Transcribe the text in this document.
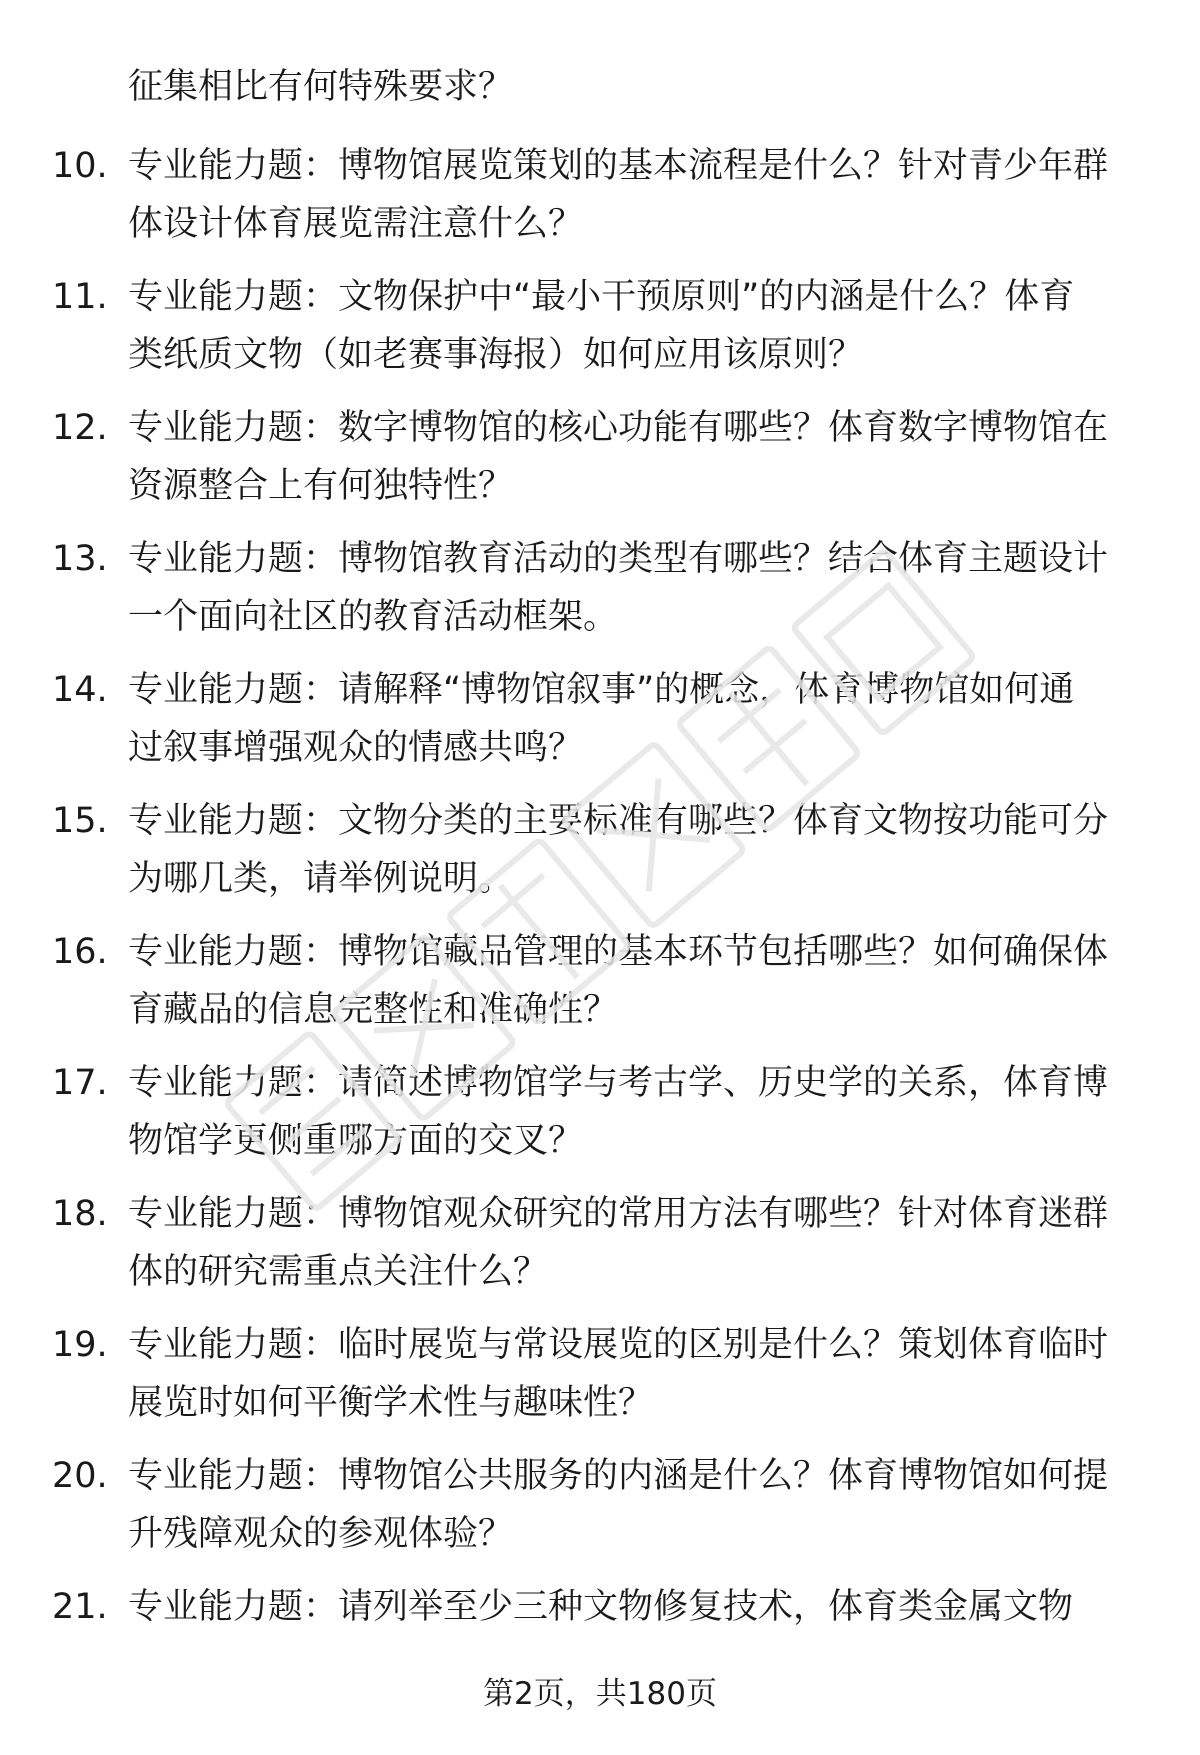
征集相比有何特殊要求？
10. 专业能力题：博物馆展览策划的基本流程是什么？针对青少年群
体设计体育展览需注意什么？
11. 专业能力题：文物保护中“最小干预原则”的内涵是什么？体育
类纸质文物（如老赛事海报）如何应用该原则？
12. 专业能力题：数字博物馆的核心功能有哪些？体育数字博物馆在
资源整合上有何独特性？
13. 专业能力题：博物馆教育活动的类型有哪些？结合体育主题设计
一个面向社区的教育活动框架。
14. 专业能力题：请解释“博物馆叙事”的概念，体育博物馆如何通
过叙事增强观众的情感共鸣？
15. 专业能力题：文物分类的主要标准有哪些？体育文物按功能可分
为哪几类，请举例说明。
16. 专业能力题：博物馆藏品管理的基本环节包括哪些？如何确保体
育藏品的信息完整性和准确性？
17. 专业能力题：请简述博物馆学与考古学、历史学的关系，体育博
物馆学更侧重哪方面的交叉？
18. 专业能力题：博物馆观众研究的常用方法有哪些？针对体育迷群
体的研究需重点关注什么？
19. 专业能力题：临时展览与常设展览的区别是什么？策划体育临时
展览时如何平衡学术性与趣味性？
20. 专业能力题：博物馆公共服务的内涵是什么？体育博物馆如何提
升残障观众的参观体验？
21. 专业能力题：请列举至少三种文物修复技术，体育类金属文物
第2页，共180页
